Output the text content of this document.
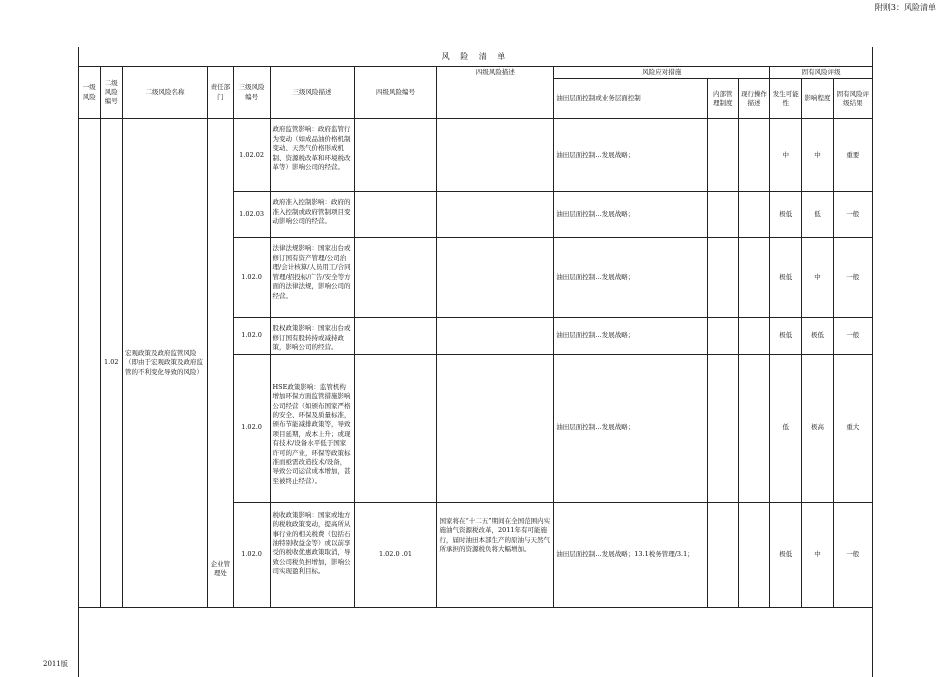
附则3：风险清单
风 险 清 单													
一级风险	二级风险编号	二级风险名称	责任部门	三级风险编号	三级风险描述	四级风险编号	四级风险描述	风险应对措施			固有风险评级		
								油田层面控制或业务层面控制	内部管理制度	现行操作描述	发生可能性	影响程度	固有风险评级结果
	1.02	宏观政策及政府监管风险（即由于宏观政策及政府监管的不利变化导致的风险）		1.02.02	政府监管影响：政府监管行为变动（如成品油价格机制变动、天然气价格形成机制、资源税改革和环境税改革等）影响公司的经营。			油田层面控制…发展战略；			中	中	重要
				1.02.03	政府准入控制影响：政府的准入控制或政府管制项目变动影响公司的经营。			油田层面控制…发展战略；			极低	低	一般
				1.02.0	法律法规影响：国家出台或修订国有资产管理/公司治理/会计核算/人员用工/合同管理/招投标/广告/安全等方面的法律法规，影响公司的经营。			油田层面控制…发展战略；			极低	中	一般
				1.02.0	股权政策影响：国家出台或修订国有股转持或减持政策，影响公司的经营。			油田层面控制…发展战略；			极低	极低	一般
				1.02.0	HSE政策影响：监管机构增加环保方面监管措施影响公司经营（如颁布国家严格的安全、环保及质量标准，颁布节能减排政策等，导致项目延期，成本上升；或现有技术/设备水平低于国家许可的产业，环保等政策标准而亟需改造技术/设备，导致公司运营成本增加，甚至被终止经营）。			油田层面控制…发展战略；			低	极高	重大
			企业管理处	1.02.0	税收政策影响：国家或地方的税收政策变动，提高所从事行业的相关税费（包括石油特别收益金等）或以前享受的税收优惠政策取消，导致公司税负担增加，影响公司实现盈利目标。	1.02.0 .01	国家将在“十二五”期间在全国范围内实施油气资源税改革，2011年有可能施行，届时油田本部生产的原油与天然气所承担的资源税负将大幅增加。	油田层面控制…发展战略；13.1税务管理/3.1；			极低	中	一般
2011版
